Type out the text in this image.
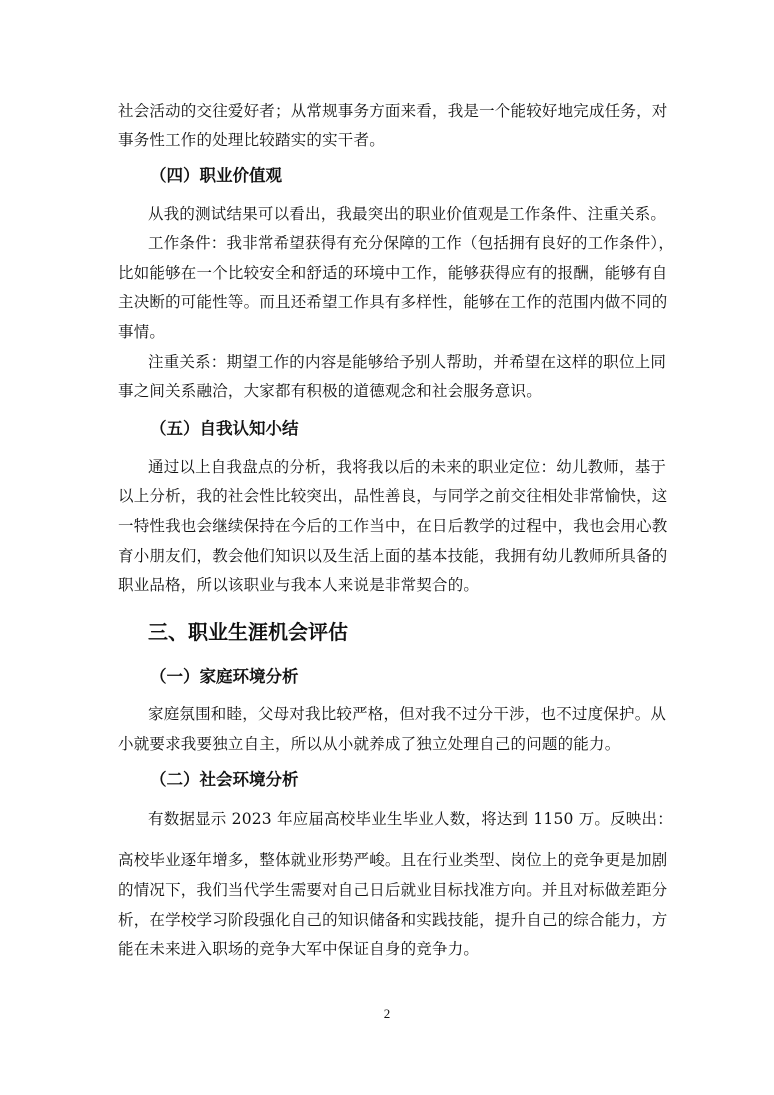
社会活动的交往爱好者；从常规事务方面来看，我是一个能较好地完成任务，对
事务性工作的处理比较踏实的实干者。
（四）职业价值观
从我的测试结果可以看出，我最突出的职业价值观是工作条件、注重关系。
工作条件：我非常希望获得有充分保障的工作（包括拥有良好的工作条件），
比如能够在一个比较安全和舒适的环境中工作，能够获得应有的报酬，能够有自
主决断的可能性等。而且还希望工作具有多样性，能够在工作的范围内做不同的
事情。
注重关系：期望工作的内容是能够给予别人帮助，并希望在这样的职位上同
事之间关系融洽，大家都有积极的道德观念和社会服务意识。
（五）自我认知小结
通过以上自我盘点的分析，我将我以后的未来的职业定位：幼儿教师，基于
以上分析，我的社会性比较突出，品性善良，与同学之前交往相处非常愉快，这
一特性我也会继续保持在今后的工作当中，在日后教学的过程中，我也会用心教
育小朋友们，教会他们知识以及生活上面的基本技能，我拥有幼儿教师所具备的
职业品格，所以该职业与我本人来说是非常契合的。
三、职业生涯机会评估
（一）家庭环境分析
家庭氛围和睦，父母对我比较严格，但对我不过分干涉，也不过度保护。从
小就要求我要独立自主，所以从小就养成了独立处理自己的问题的能力。
（二）社会环境分析
有数据显示 2023 年应届高校毕业生毕业人数，将达到 1150 万。反映出：
高校毕业逐年增多，整体就业形势严峻。且在行业类型、岗位上的竞争更是加剧
的情况下，我们当代学生需要对自己日后就业目标找准方向。并且对标做差距分
析，在学校学习阶段强化自己的知识储备和实践技能，提升自己的综合能力，方
能在未来进入职场的竞争大军中保证自身的竞争力。
2
